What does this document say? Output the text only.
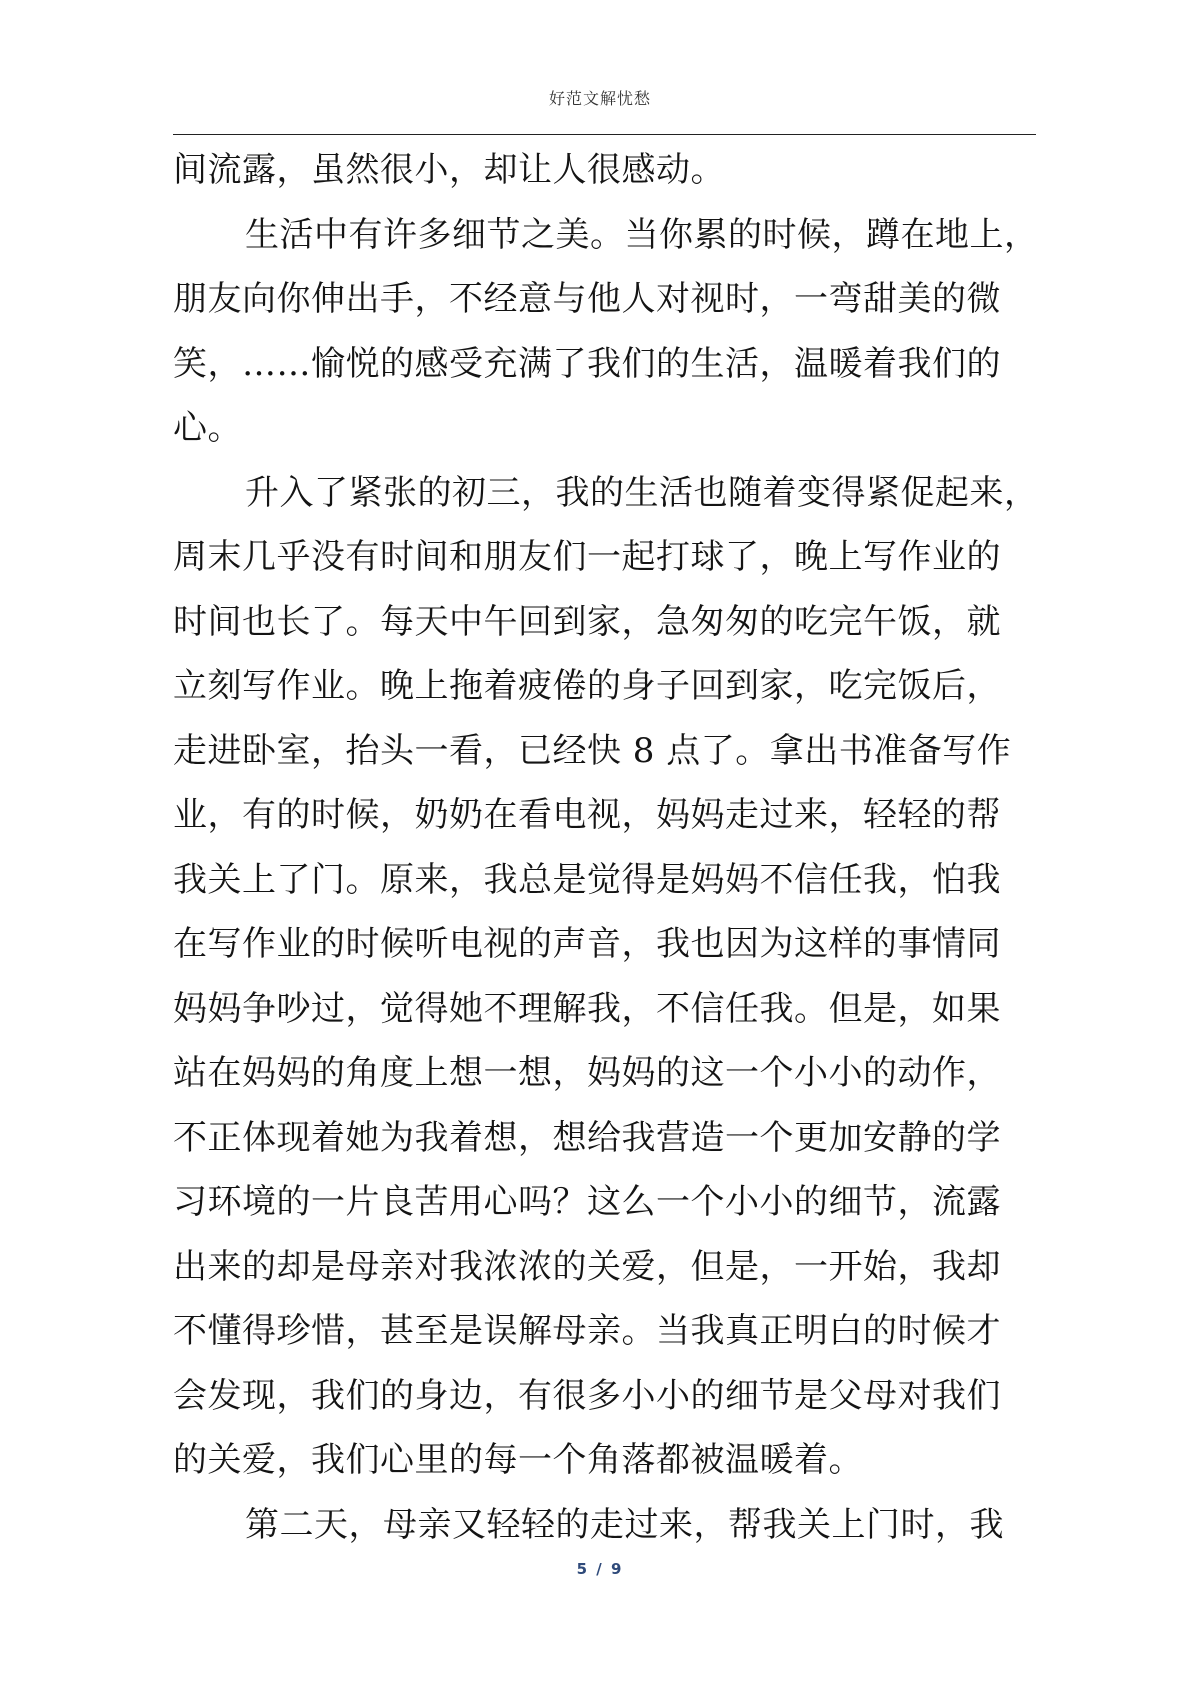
好范文解忧愁
间流露，虽然很小，却让人很感动。
生活中有许多细节之美。当你累的时候，蹲在地上，
朋友向你伸出手，不经意与他人对视时，一弯甜美的微
笑，……愉悦的感受充满了我们的生活，温暖着我们的
心。
升入了紧张的初三，我的生活也随着变得紧促起来，
周末几乎没有时间和朋友们一起打球了，晚上写作业的
时间也长了。每天中午回到家，急匆匆的吃完午饭，就
立刻写作业。晚上拖着疲倦的身子回到家，吃完饭后，
走进卧室，抬头一看，已经快 8 点了。拿出书准备写作
业，有的时候，奶奶在看电视，妈妈走过来，轻轻的帮
我关上了门。原来，我总是觉得是妈妈不信任我，怕我
在写作业的时候听电视的声音，我也因为这样的事情同
妈妈争吵过，觉得她不理解我，不信任我。但是，如果
站在妈妈的角度上想一想，妈妈的这一个小小的动作，
不正体现着她为我着想，想给我营造一个更加安静的学
习环境的一片良苦用心吗？这么一个小小的细节，流露
出来的却是母亲对我浓浓的关爱，但是，一开始，我却
不懂得珍惜，甚至是误解母亲。当我真正明白的时候才
会发现，我们的身边，有很多小小的细节是父母对我们
的关爱，我们心里的每一个角落都被温暖着。
第二天，母亲又轻轻的走过来，帮我关上门时，我
5 / 9
